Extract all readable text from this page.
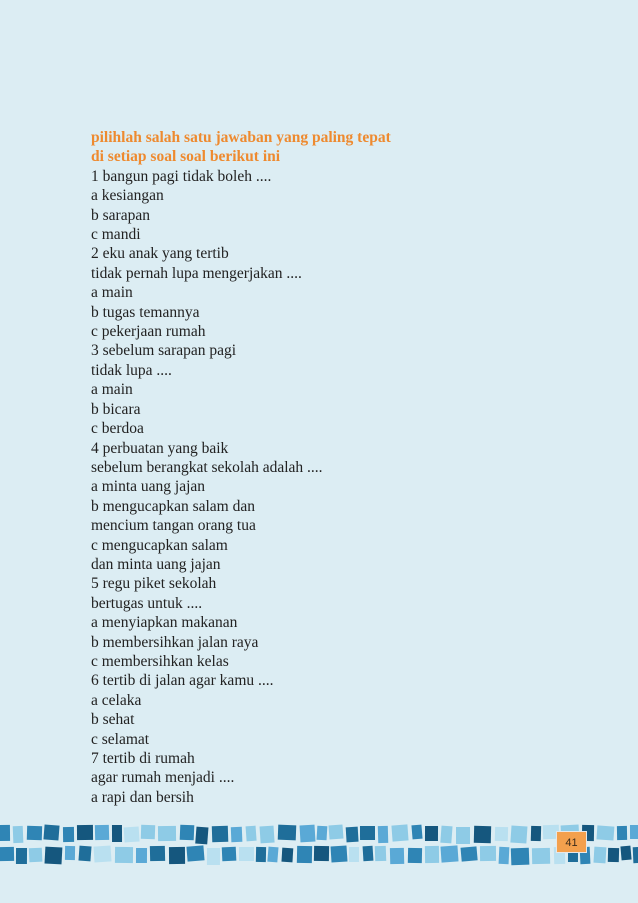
pilihlah salah satu jawaban yang paling tepat
di setiap soal soal berikut ini
1 bangun pagi tidak boleh ....
a kesiangan
b sarapan
c mandi
2 eku anak yang tertib
tidak pernah lupa mengerjakan ....
a main
b tugas temannya
c pekerjaan rumah
3 sebelum sarapan pagi
tidak lupa ....
a main
b bicara
c berdoa
4 perbuatan yang baik
sebelum berangkat sekolah adalah ....
a minta uang jajan
b mengucapkan salam dan
mencium tangan orang tua
c mengucapkan salam
dan minta uang jajan
5 regu piket sekolah
bertugas untuk ....
a menyiapkan makanan
b membersihkan jalan raya
c membersihkan kelas
6 tertib di jalan agar kamu ....
a celaka
b sehat
c selamat
7 tertib di rumah
agar rumah menjadi ....
a rapi dan bersih
41
